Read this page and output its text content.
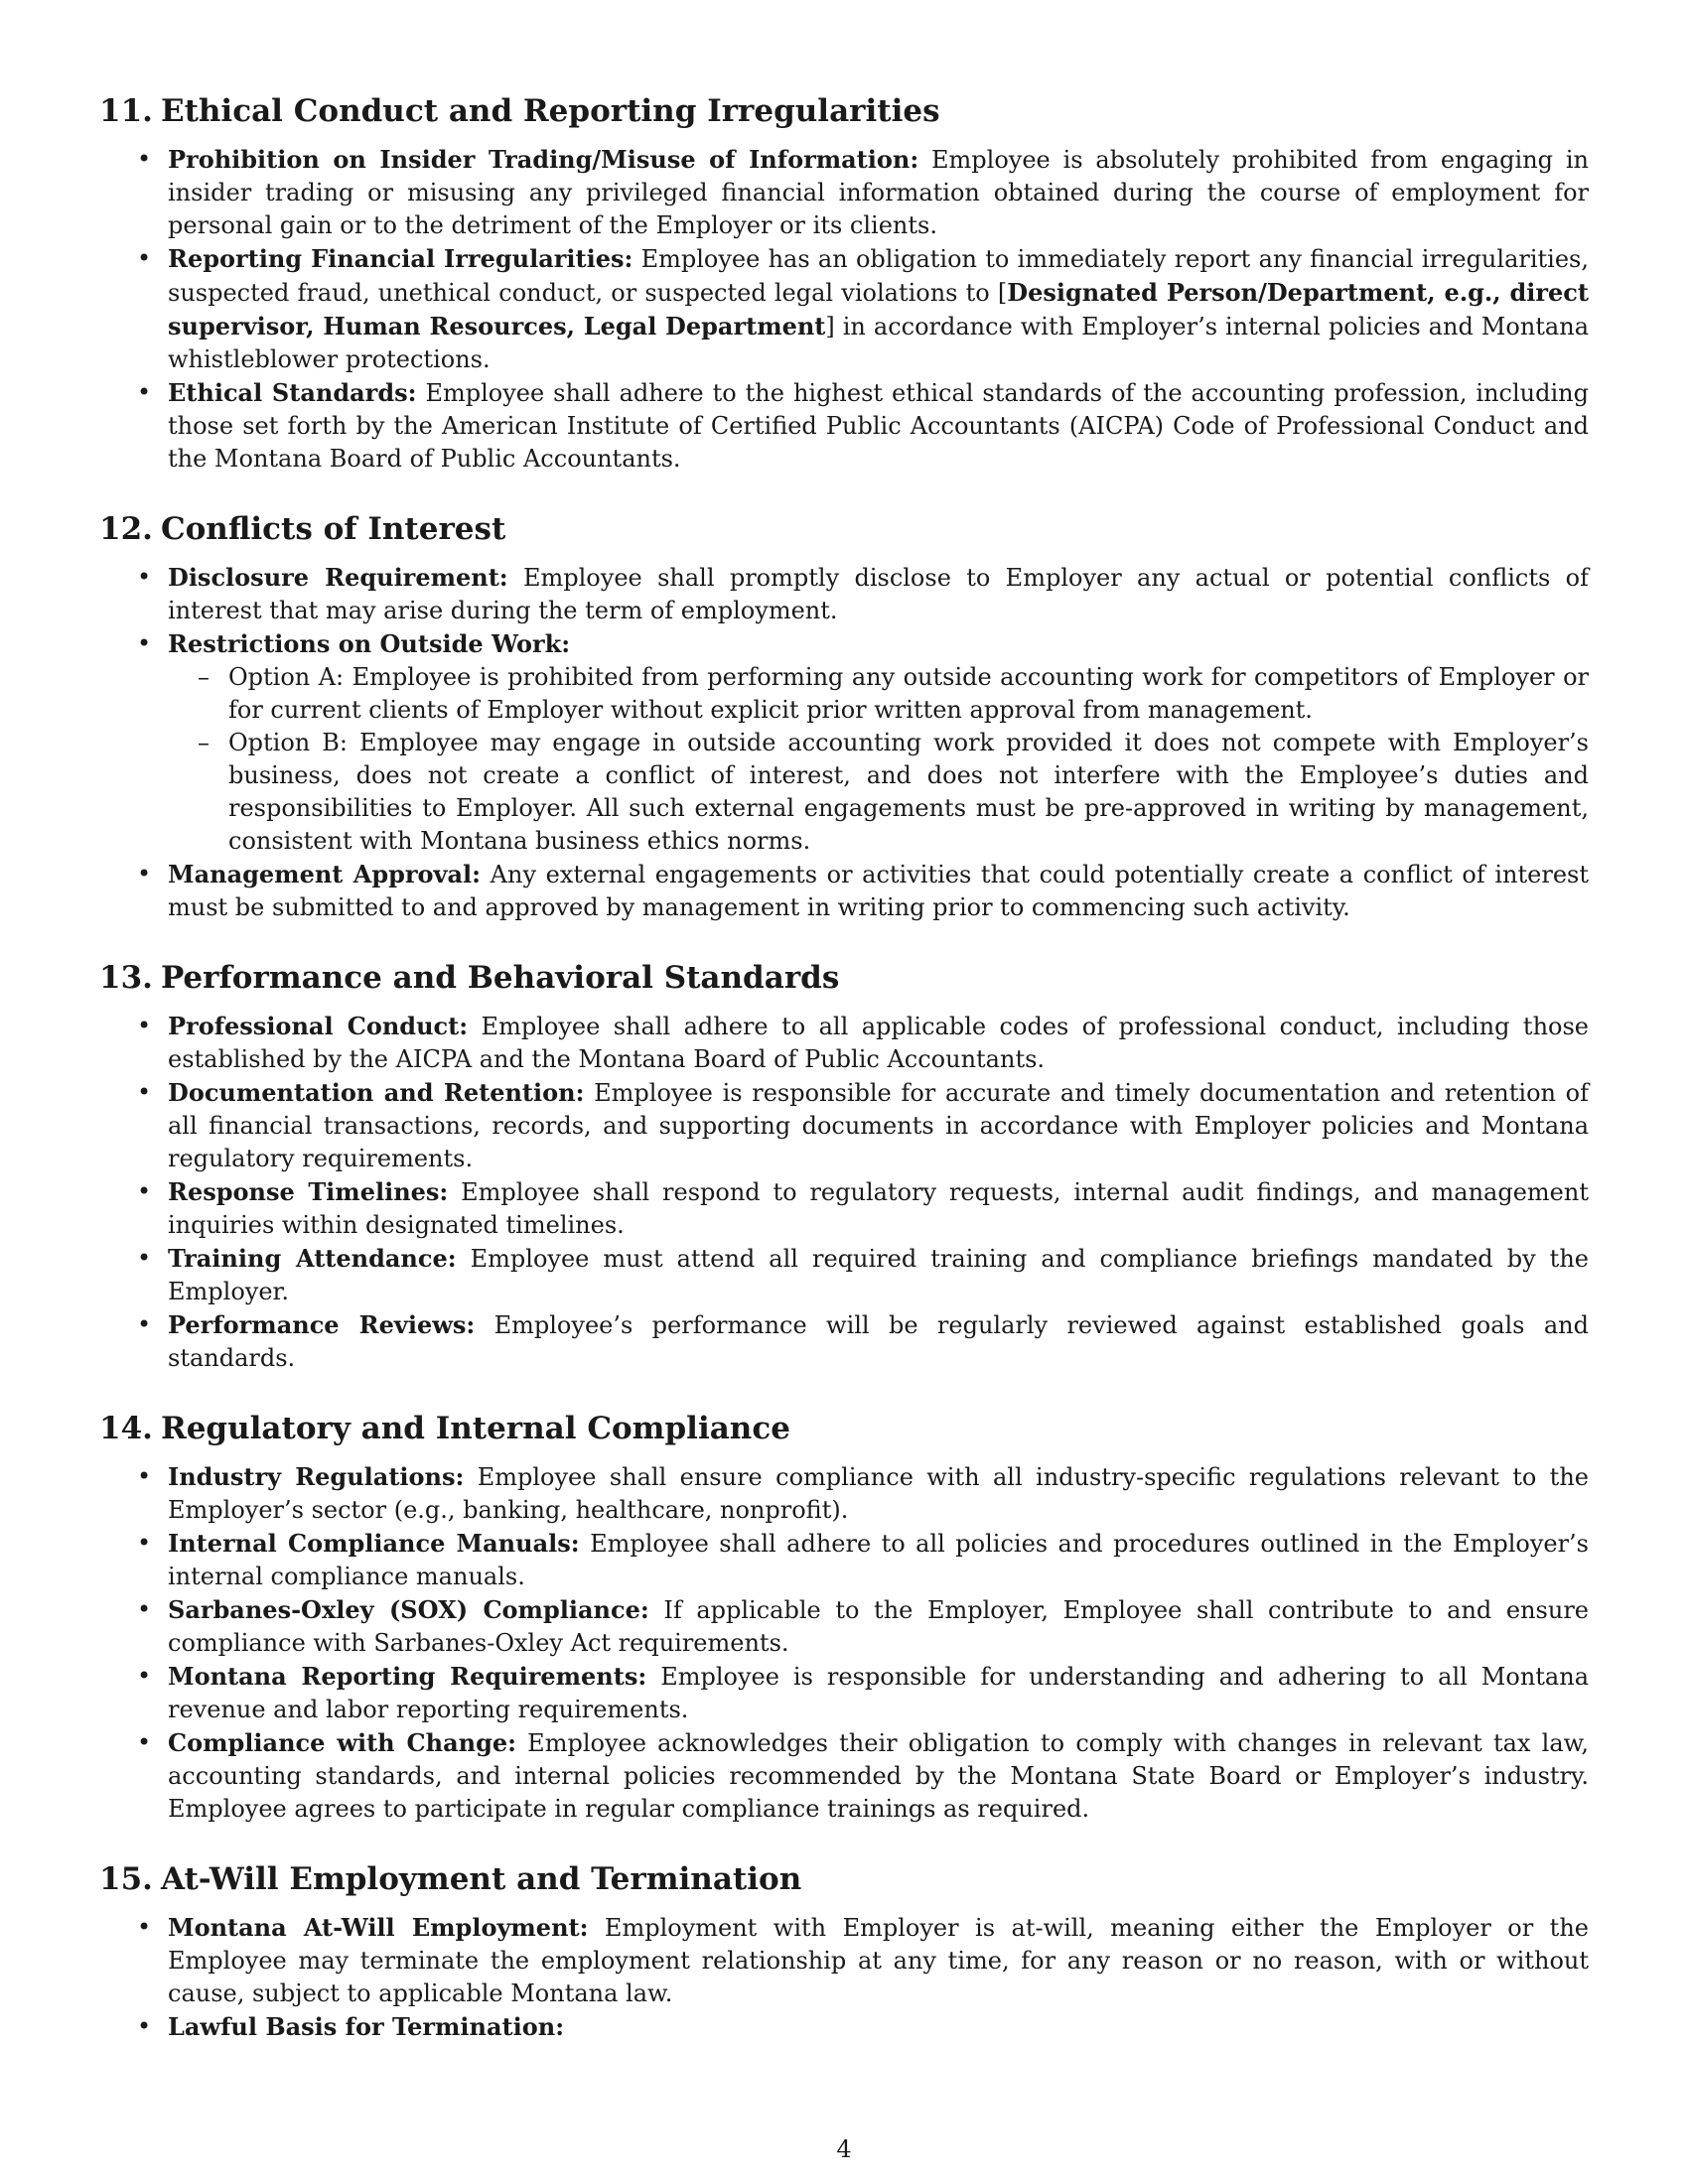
11. Ethical Conduct and Reporting Irregularities
• Prohibition on Insider Trading/Misuse of Information: Employee is absolutely prohibited from engaging in insider trading or misusing any privileged financial information obtained during the course of employment for personal gain or to the detriment of the Employer or its clients.
• Reporting Financial Irregularities: Employee has an obligation to immediately report any financial irregularities, suspected fraud, unethical conduct, or suspected legal violations to [Designated Person/Department, e.g., direct supervisor, Human Resources, Legal Department] in accordance with Employer’s internal policies and Montana whistleblower protections.
• Ethical Standards: Employee shall adhere to the highest ethical standards of the accounting profession, including those set forth by the American Institute of Certified Public Accountants (AICPA) Code of Professional Conduct and the Montana Board of Public Accountants.
12. Conflicts of Interest
• Disclosure Requirement: Employee shall promptly disclose to Employer any actual or potential conflicts of interest that may arise during the term of employment.
• Restrictions on Outside Work:
– Option A: Employee is prohibited from performing any outside accounting work for competitors of Employer or for current clients of Employer without explicit prior written approval from management.
– Option B: Employee may engage in outside accounting work provided it does not compete with Employer’s business, does not create a conflict of interest, and does not interfere with the Employee’s duties and responsibilities to Employer. All such external engagements must be pre-approved in writing by management, consistent with Montana business ethics norms.
• Management Approval: Any external engagements or activities that could potentially create a conflict of interest must be submitted to and approved by management in writing prior to commencing such activity.
13. Performance and Behavioral Standards
• Professional Conduct: Employee shall adhere to all applicable codes of professional conduct, including those established by the AICPA and the Montana Board of Public Accountants.
• Documentation and Retention: Employee is responsible for accurate and timely documentation and retention of all financial transactions, records, and supporting documents in accordance with Employer policies and Montana regulatory requirements.
• Response Timelines: Employee shall respond to regulatory requests, internal audit findings, and management inquiries within designated timelines.
• Training Attendance: Employee must attend all required training and compliance briefings mandated by the Employer.
• Performance Reviews: Employee’s performance will be regularly reviewed against established goals and standards.
14. Regulatory and Internal Compliance
• Industry Regulations: Employee shall ensure compliance with all industry-specific regulations relevant to the Employer’s sector (e.g., banking, healthcare, nonprofit).
• Internal Compliance Manuals: Employee shall adhere to all policies and procedures outlined in the Employer’s internal compliance manuals.
• Sarbanes-Oxley (SOX) Compliance: If applicable to the Employer, Employee shall contribute to and ensure compliance with Sarbanes-Oxley Act requirements.
• Montana Reporting Requirements: Employee is responsible for understanding and adhering to all Montana revenue and labor reporting requirements.
• Compliance with Change: Employee acknowledges their obligation to comply with changes in relevant tax law, accounting standards, and internal policies recommended by the Montana State Board or Employer’s industry. Employee agrees to participate in regular compliance trainings as required.
15. At-Will Employment and Termination
• Montana At-Will Employment: Employment with Employer is at-will, meaning either the Employer or the Employee may terminate the employment relationship at any time, for any reason or no reason, with or without cause, subject to applicable Montana law.
• Lawful Basis for Termination:
4
